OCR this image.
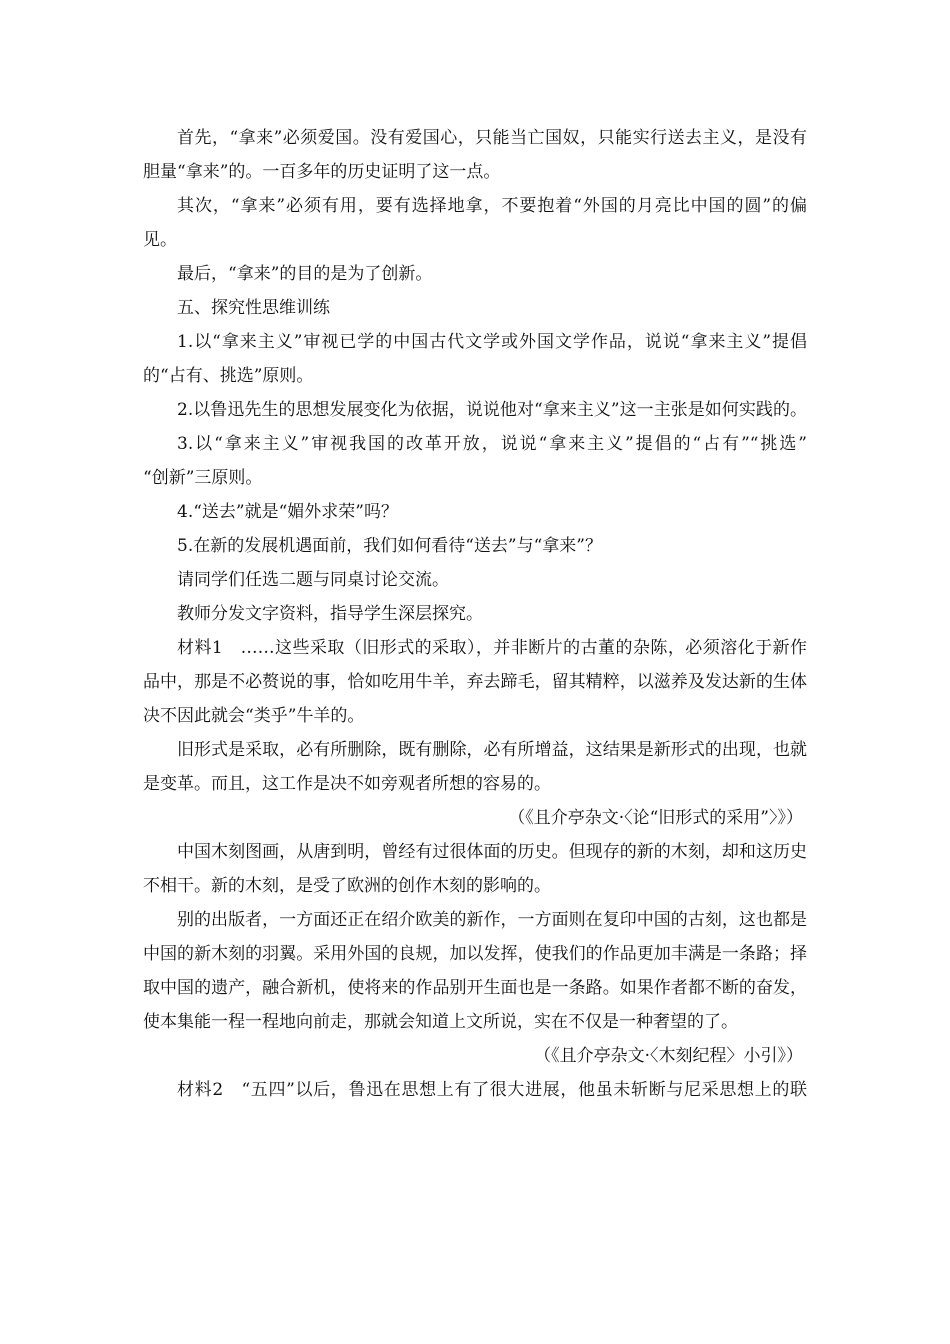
首先，“拿来”必须爱国。没有爱国心，只能当亡国奴，只能实行送去主义，是没有
胆量“拿来”的。一百多年的历史证明了这一点。
其次，“拿来”必须有用，要有选择地拿，不要抱着“外国的月亮比中国的圆”的偏
见。
最后，“拿来”的目的是为了创新。
五、探究性思维训练
1.以“拿来主义”审视已学的中国古代文学或外国文学作品，说说“拿来主义”提倡
的“占有、挑选”原则。
2.以鲁迅先生的思想发展变化为依据，说说他对“拿来主义”这一主张是如何实践的。
3.以“拿来主义”审视我国的改革开放，说说“拿来主义”提倡的“占有”“挑选”
“创新”三原则。
4.“送去”就是“媚外求荣”吗？
5.在新的发展机遇面前，我们如何看待“送去”与“拿来”？
请同学们任选二题与同桌讨论交流。
教师分发文字资料，指导学生深层探究。
材料1　……这些采取（旧形式的采取），并非断片的古董的杂陈，必须溶化于新作
品中，那是不必赘说的事，恰如吃用牛羊，弃去蹄毛，留其精粹，以滋养及发达新的生体
决不因此就会“类乎”牛羊的。
旧形式是采取，必有所删除，既有删除，必有所增益，这结果是新形式的出现，也就
是变革。而且，这工作是决不如旁观者所想的容易的。
（《且介亭杂文·〈论“旧形式的采用”〉》）
中国木刻图画，从唐到明，曾经有过很体面的历史。但现存的新的木刻，却和这历史
不相干。新的木刻，是受了欧洲的创作木刻的影响的。
别的出版者，一方面还正在绍介欧美的新作，一方面则在复印中国的古刻，这也都是
中国的新木刻的羽翼。采用外国的良规，加以发挥，使我们的作品更加丰满是一条路；择
取中国的遗产，融合新机，使将来的作品别开生面也是一条路。如果作者都不断的奋发，
使本集能一程一程地向前走，那就会知道上文所说，实在不仅是一种奢望的了。
（《且介亭杂文·〈木刻纪程〉小引》）
材料2　“五四”以后，鲁迅在思想上有了很大进展，他虽未斩断与尼采思想上的联
